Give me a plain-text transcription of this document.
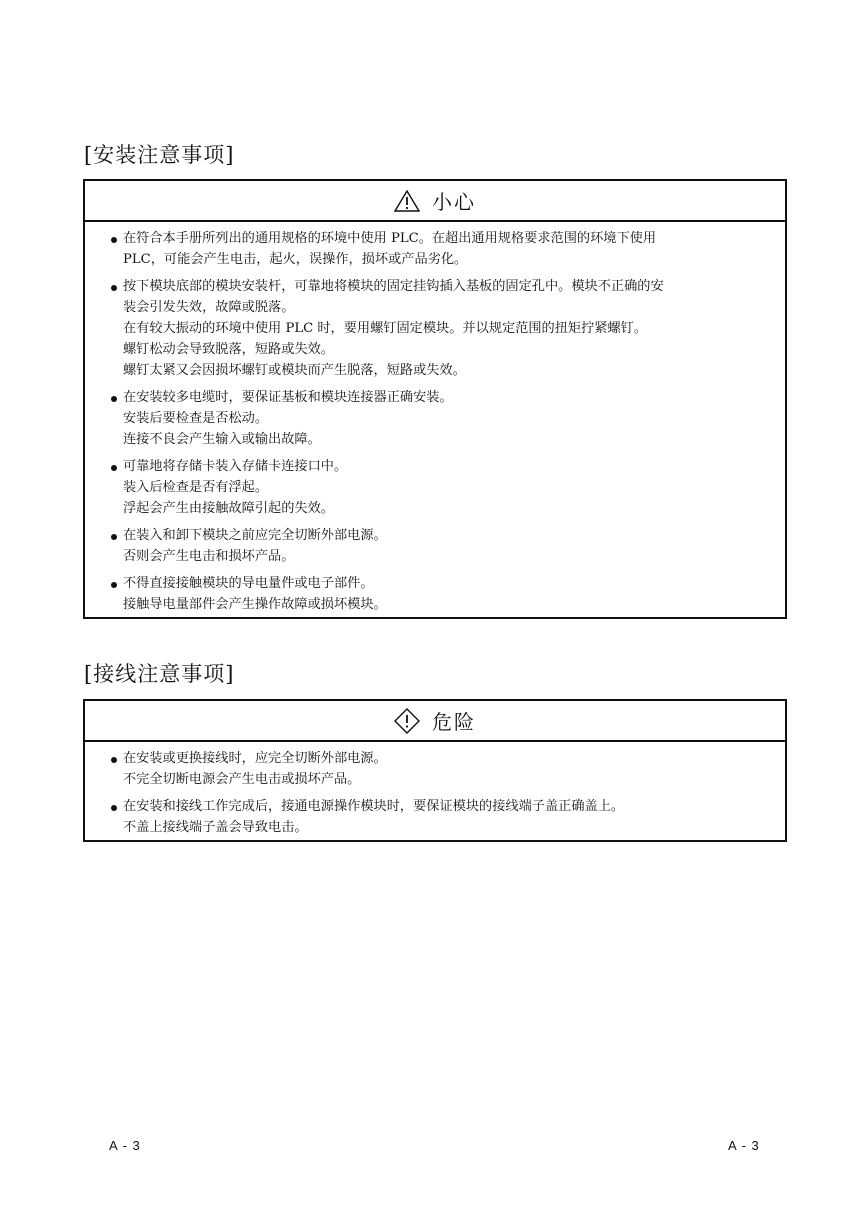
[安装注意事项]
小心
在符合本手册所列出的通用规格的环境中使用 PLC。在超出通用规格要求范围的环境下使用
PLC，可能会产生电击，起火，误操作，损坏或产品劣化。
按下模块底部的模块安装杆，可靠地将模块的固定挂钩插入基板的固定孔中。模块不正确的安
装会引发失效，故障或脱落。
在有较大振动的环境中使用 PLC 时，要用螺钉固定模块。并以规定范围的扭矩拧紧螺钉。
螺钉松动会导致脱落，短路或失效。
螺钉太紧又会因损坏螺钉或模块而产生脱落，短路或失效。
在安装较多电缆时，要保证基板和模块连接器正确安装。
安装后要检查是否松动。
连接不良会产生输入或输出故障。
可靠地将存储卡装入存储卡连接口中。
装入后检查是否有浮起。
浮起会产生由接触故障引起的失效。
在装入和卸下模块之前应完全切断外部电源。
否则会产生电击和损坏产品。
不得直接接触模块的导电量件或电子部件。
接触导电量部件会产生操作故障或损坏模块。
[接线注意事项]
危险
在安装或更换接线时，应完全切断外部电源。
不完全切断电源会产生电击或损坏产品。
在安装和接线工作完成后，接通电源操作模块时，要保证模块的接线端子盖正确盖上。
不盖上接线端子盖会导致电击。
A - 3	A - 3
